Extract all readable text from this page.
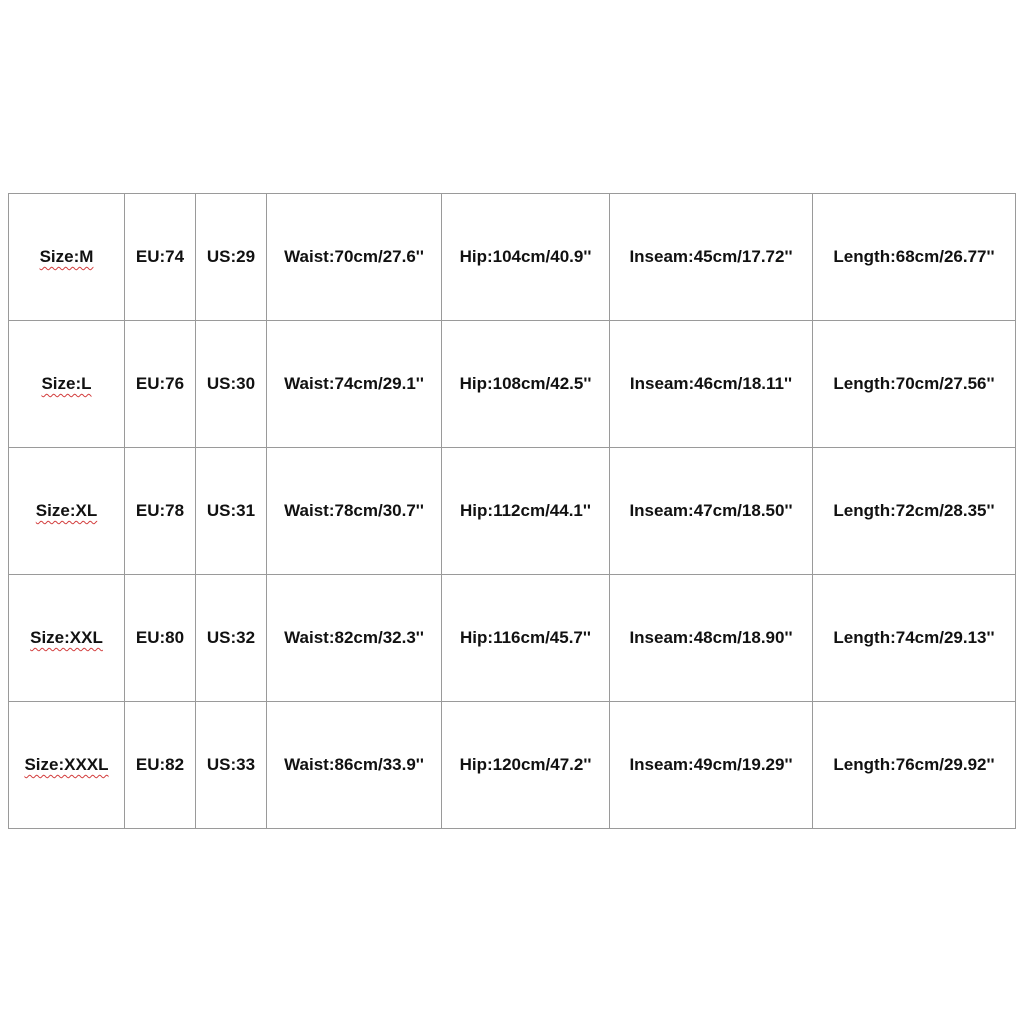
Size:M	EU:74	US:29	Waist:70cm/27.6''	Hip:104cm/40.9''	Inseam:45cm/17.72''	Length:68cm/26.77''
Size:L	EU:76	US:30	Waist:74cm/29.1''	Hip:108cm/42.5''	Inseam:46cm/18.11''	Length:70cm/27.56''
Size:XL	EU:78	US:31	Waist:78cm/30.7''	Hip:112cm/44.1''	Inseam:47cm/18.50''	Length:72cm/28.35''
Size:XXL	EU:80	US:32	Waist:82cm/32.3''	Hip:116cm/45.7''	Inseam:48cm/18.90''	Length:74cm/29.13''
Size:XXXL	EU:82	US:33	Waist:86cm/33.9''	Hip:120cm/47.2''	Inseam:49cm/19.29''	Length:76cm/29.92''
